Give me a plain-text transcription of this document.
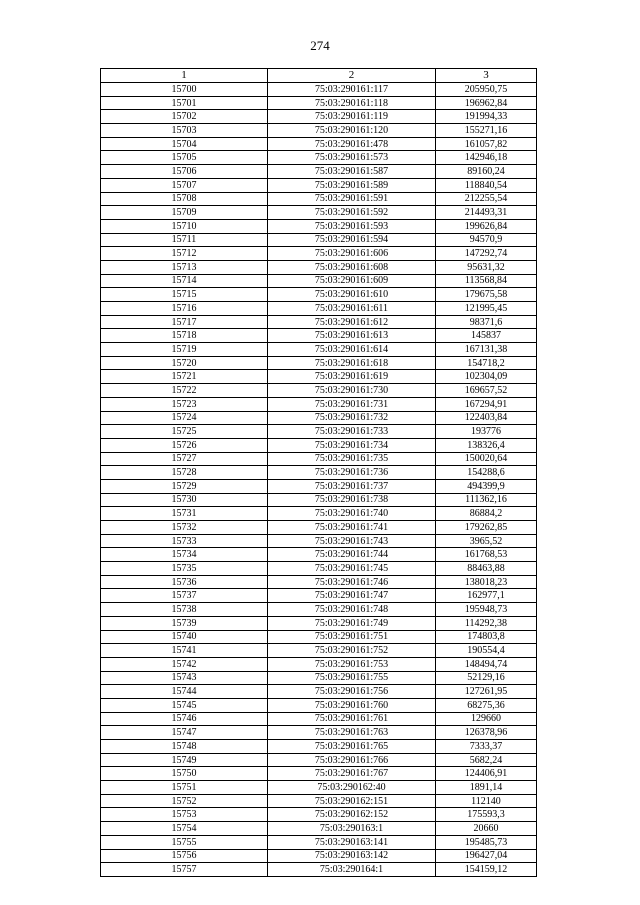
274
1	2	3
15700	75:03:290161:117	205950,75
15701	75:03:290161:118	196962,84
15702	75:03:290161:119	191994,33
15703	75:03:290161:120	155271,16
15704	75:03:290161:478	161057,82
15705	75:03:290161:573	142946,18
15706	75:03:290161:587	89160,24
15707	75:03:290161:589	118840,54
15708	75:03:290161:591	212255,54
15709	75:03:290161:592	214493,31
15710	75:03:290161:593	199626,84
15711	75:03:290161:594	94570,9
15712	75:03:290161:606	147292,74
15713	75:03:290161:608	95631,32
15714	75:03:290161:609	113568,84
15715	75:03:290161:610	179675,58
15716	75:03:290161:611	121995,45
15717	75:03:290161:612	98371,6
15718	75:03:290161:613	145837
15719	75:03:290161:614	167131,38
15720	75:03:290161:618	154718,2
15721	75:03:290161:619	102304,09
15722	75:03:290161:730	169657,52
15723	75:03:290161:731	167294,91
15724	75:03:290161:732	122403,84
15725	75:03:290161:733	193776
15726	75:03:290161:734	138326,4
15727	75:03:290161:735	150020,64
15728	75:03:290161:736	154288,6
15729	75:03:290161:737	494399,9
15730	75:03:290161:738	111362,16
15731	75:03:290161:740	86884,2
15732	75:03:290161:741	179262,85
15733	75:03:290161:743	3965,52
15734	75:03:290161:744	161768,53
15735	75:03:290161:745	88463,88
15736	75:03:290161:746	138018,23
15737	75:03:290161:747	162977,1
15738	75:03:290161:748	195948,73
15739	75:03:290161:749	114292,38
15740	75:03:290161:751	174803,8
15741	75:03:290161:752	190554,4
15742	75:03:290161:753	148494,74
15743	75:03:290161:755	52129,16
15744	75:03:290161:756	127261,95
15745	75:03:290161:760	68275,36
15746	75:03:290161:761	129660
15747	75:03:290161:763	126378,96
15748	75:03:290161:765	7333,37
15749	75:03:290161:766	5682,24
15750	75:03:290161:767	124406,91
15751	75:03:290162:40	1891,14
15752	75:03:290162:151	112140
15753	75:03:290162:152	175593,3
15754	75:03:290163:1	20660
15755	75:03:290163:141	195485,73
15756	75:03:290163:142	196427,04
15757	75:03:290164:1	154159,12
